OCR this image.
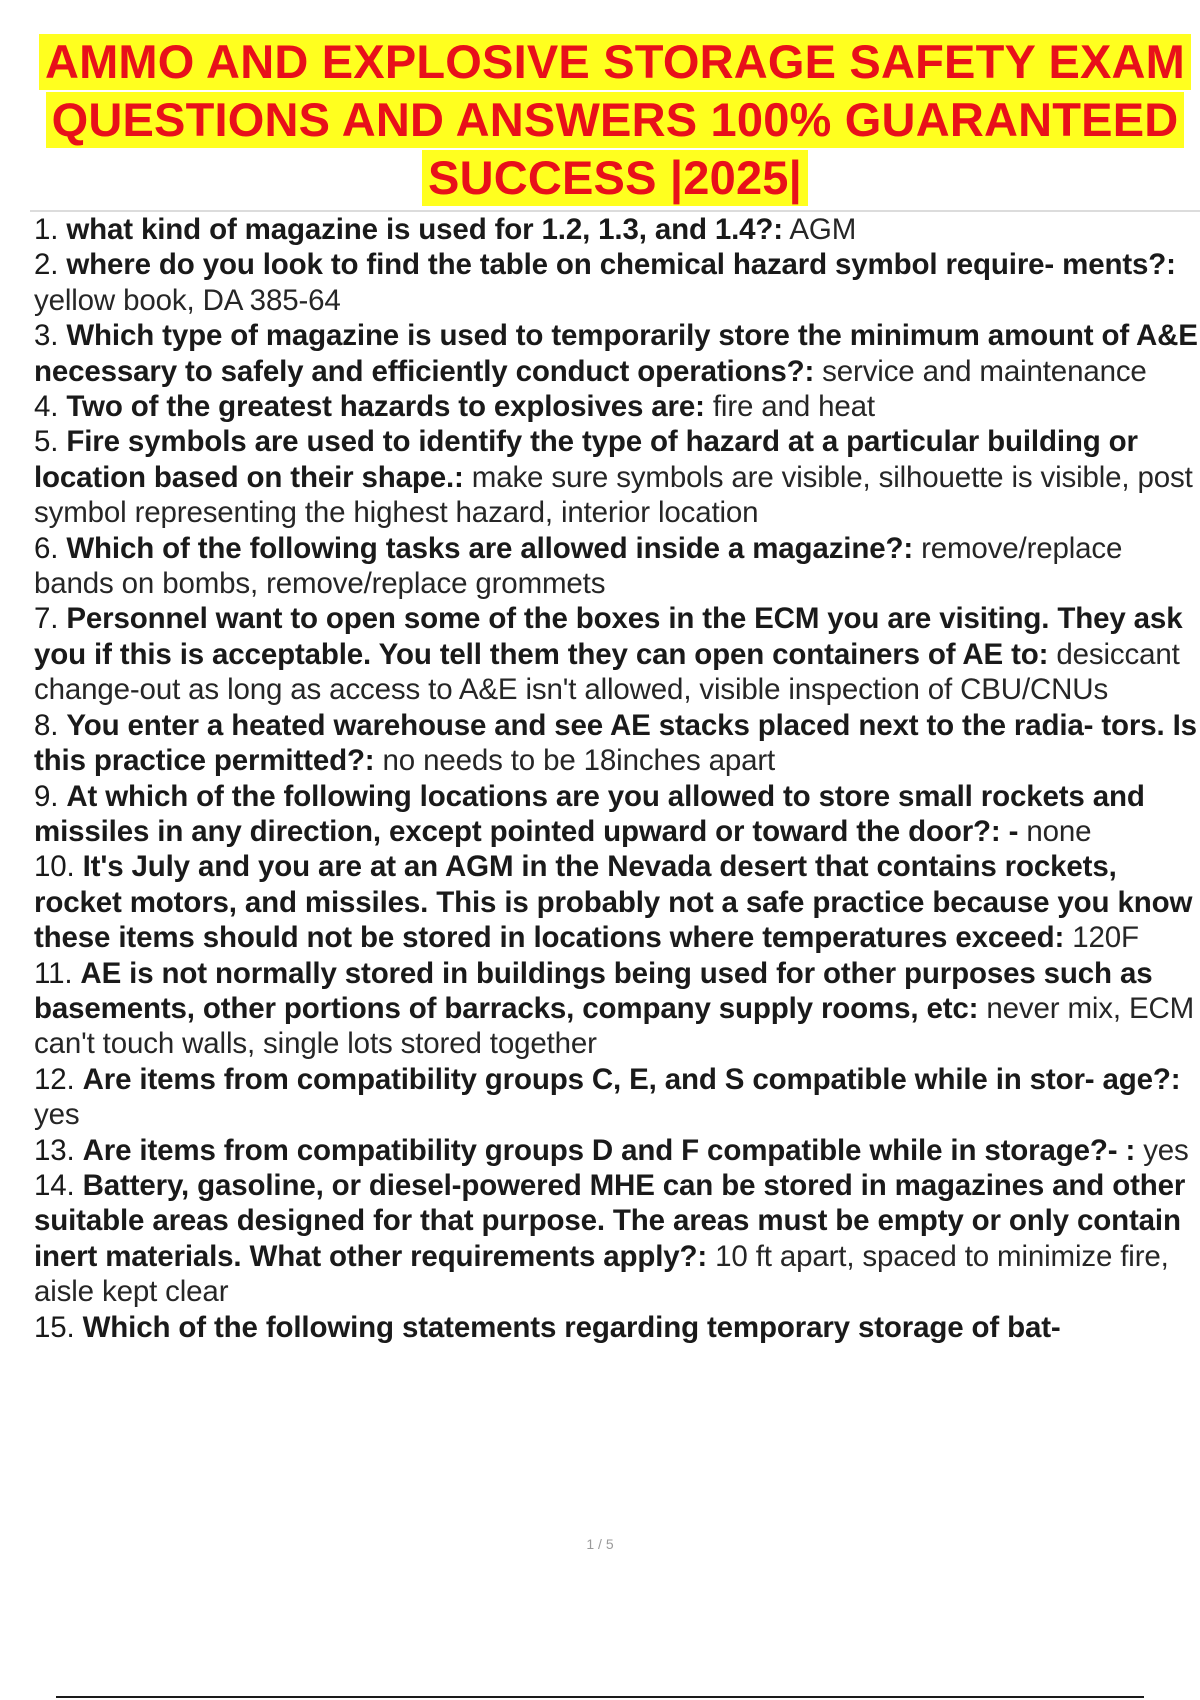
AMMO AND EXPLOSIVE STORAGE SAFETY EXAM
QUESTIONS AND ANSWERS 100% GUARANTEED
SUCCESS |2025|

1. what kind of magazine is used for 1.2, 1.3, and 1.4?: AGM

2. where do you look to find the table on chemical hazard symbol require- ments?: yellow book, DA 385-64

3. Which type of magazine is used to temporarily store the minimum amount of A&E necessary to safely and efficiently conduct operations?: service and maintenance

4. Two of the greatest hazards to explosives are: fire and heat

5. Fire symbols are used to identify the type of hazard at a particular building or location based on their shape.: make sure symbols are visible, silhouette is visible, post symbol representing the highest hazard, interior location

6. Which of the following tasks are allowed inside a magazine?: remove/replace bands on bombs, remove/replace grommets

7. Personnel want to open some of the boxes in the ECM you are visiting. They ask you if this is acceptable. You tell them they can open containers of AE to: desiccant change-out as long as access to A&E isn't allowed, visible inspection of CBU/CNUs

8. You enter a heated warehouse and see AE stacks placed next to the radia- tors. Is this practice permitted?: no needs to be 18inches apart

9. At which of the following locations are you allowed to store small rockets and missiles in any direction, except pointed upward or toward the door?: - none

10. It's July and you are at an AGM in the Nevada desert that contains rockets, rocket motors, and missiles. This is probably not a safe practice because you know these items should not be stored in locations where temperatures exceed: 120F

11. AE is not normally stored in buildings being used for other purposes such as basements, other portions of barracks, company supply rooms, etc: never mix, ECM can't touch walls, single lots stored together

12. Are items from compatibility groups C, E, and S compatible while in stor- age?: yes

13. Are items from compatibility groups D and F compatible while in storage?- : yes

14. Battery, gasoline, or diesel-powered MHE can be stored in magazines and other suitable areas designed for that purpose. The areas must be empty or only contain inert materials. What other requirements apply?: 10 ft apart, spaced to minimize fire, aisle kept clear

15. Which of the following statements regarding temporary storage of bat-

1 / 5
